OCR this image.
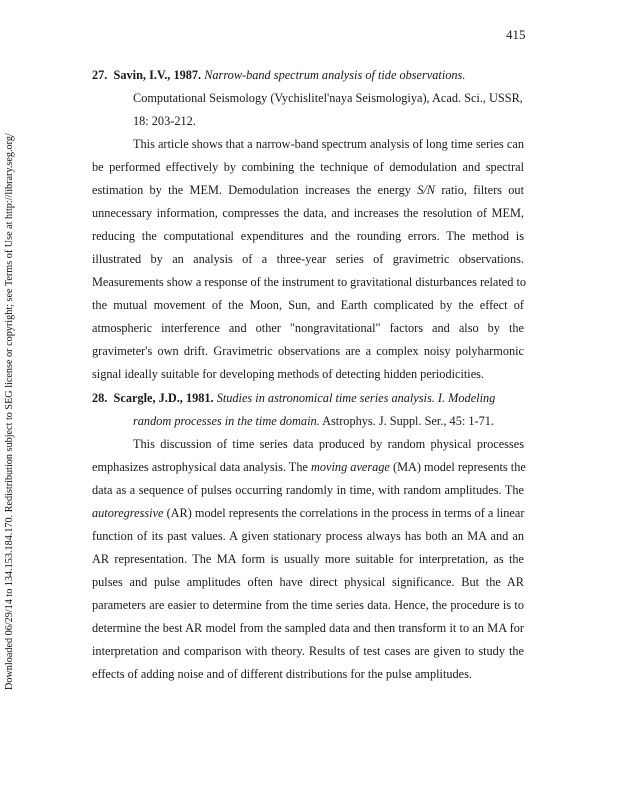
415
Downloaded 06/29/14 to 134.153.184.170. Redistribution subject to SEG license or copyright; see Terms of Use at http://library.seg.org/
27. Savin, I.V., 1987. Narrow-band spectrum analysis of tide observations.
Computational Seismology (Vychislitel'naya Seismologiya), Acad. Sci., USSR,
18: 203-212.
This article shows that a narrow-band spectrum analysis of long time series can
be performed effectively by combining the technique of demodulation and spectral
estimation by the MEM. Demodulation increases the energy S/N ratio, filters out
unnecessary information, compresses the data, and increases the resolution of MEM,
reducing the computational expenditures and the rounding errors. The method is
illustrated by an analysis of a three-year series of gravimetric observations.
Measurements show a response of the instrument to gravitational disturbances related to
the mutual movement of the Moon, Sun, and Earth complicated by the effect of
atmospheric interference and other "nongravitational" factors and also by the
gravimeter's own drift. Gravimetric observations are a complex noisy polyharmonic
signal ideally suitable for developing methods of detecting hidden periodicities.
28. Scargle, J.D., 1981. Studies in astronomical time series analysis. I. Modeling
random processes in the time domain. Astrophys. J. Suppl. Ser., 45: 1-71.
This discussion of time series data produced by random physical processes
emphasizes astrophysical data analysis. The moving average (MA) model represents the
data as a sequence of pulses occurring randomly in time, with random amplitudes. The
autoregressive (AR) model represents the correlations in the process in terms of a linear
function of its past values. A given stationary process always has both an MA and an
AR representation. The MA form is usually more suitable for interpretation, as the
pulses and pulse amplitudes often have direct physical significance. But the AR
parameters are easier to determine from the time series data. Hence, the procedure is to
determine the best AR model from the sampled data and then transform it to an MA for
interpretation and comparison with theory. Results of test cases are given to study the
effects of adding noise and of different distributions for the pulse amplitudes.
